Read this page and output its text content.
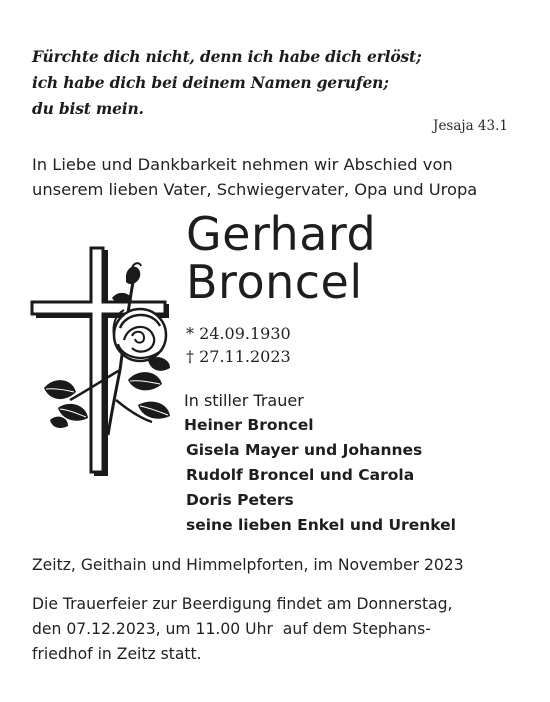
Fürchte dich nicht, denn ich habe dich erlöst;
ich habe dich bei deinem Namen gerufen;
du bist mein.
Jesaja 43.1
In Liebe und Dankbarkeit nehmen wir Abschied von
unserem lieben Vater, Schwiegervater, Opa und Uropa
Gerhard
Broncel
* 24.09.1930
† 27.11.2023
In stiller Trauer
Heiner Broncel
Gisela Mayer und Johannes
Rudolf Broncel und Carola
Doris Peters
seine lieben Enkel und Urenkel
Zeitz, Geithain und Himmelpforten, im November 2023
Die Trauerfeier zur Beerdigung findet am Donnerstag,
den 07.12.2023, um 11.00 Uhr  auf dem Stephans-
friedhof in Zeitz statt.
